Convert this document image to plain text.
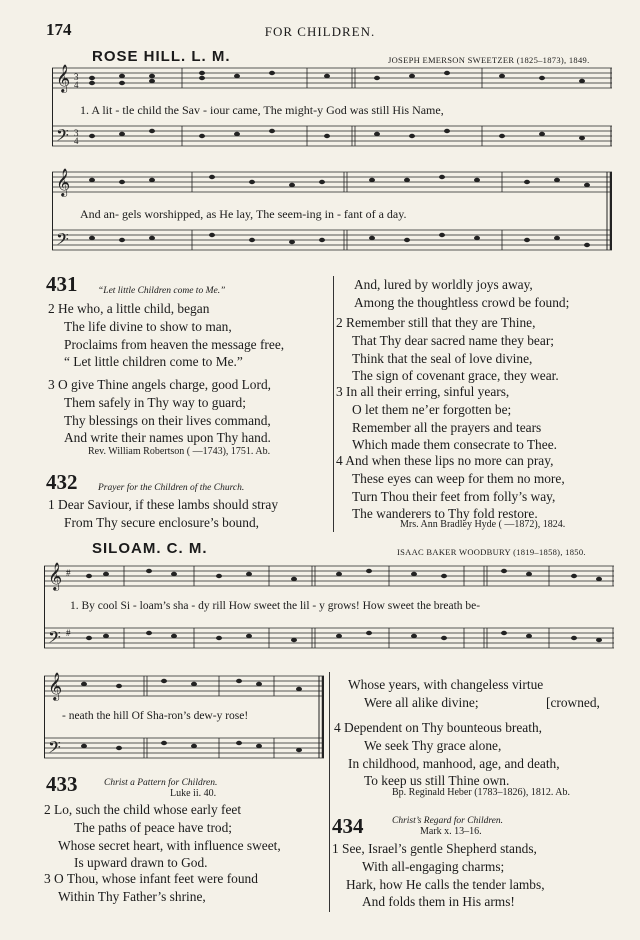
174	FOR CHILDREN.
ROSE HILL. L. M.	JOSEPH EMERSON SWEETZER (1825–1873), 1849.
𝄞
𝄢
3
4
3
4
1. A lit - tle child the Sav - iour came, The might-y God was still His Name,
𝄞
𝄢
And an- gels worshipped, as He lay, The seem-ing in - fant of a day.
431 “Let little Children come to Me.”
2 He who, a little child, began
The life divine to show to man,
Proclaims from heaven the message free,
“ Let little children come to Me.”
3 O give Thine angels charge, good Lord,
Them safely in Thy way to guard;
Thy blessings on their lives command,
And write their names upon Thy hand.
Rev. William Robertson ( —1743), 1751. Ab.
432 Prayer for the Children of the Church.
1 Dear Saviour, if these lambs should stray
From Thy secure enclosure’s bound,
And, lured by worldly joys away,
Among the thoughtless crowd be found;
2 Remember still that they are Thine,
That Thy dear sacred name they bear;
Think that the seal of love divine,
The sign of covenant grace, they wear.
3 In all their erring, sinful years,
O let them ne’er forgotten be;
Remember all the prayers and tears
Which made them consecrate to Thee.
4 And when these lips no more can pray,
These eyes can weep for them no more,
Turn Thou their feet from folly’s way,
The wanderers to Thy fold restore.
Mrs. Ann Bradley Hyde ( —1872), 1824.
SILOAM. C. M.	ISAAC BAKER WOODBURY (1819–1858), 1850.
𝄞
𝄢
#
#
1. By cool Si - loam’s sha - dy rill How sweet the lil - y grows! How sweet the breath be-
𝄞
𝄢
- neath the hill Of Sha-ron’s dew-y rose!
433	Christ a Pattern for Children.
Luke ii. 40.
2 Lo, such the child whose early feet
The paths of peace have trod;
Whose secret heart, with influence sweet,
Is upward drawn to God.
3 O Thou, whose infant feet were found
Within Thy Father’s shrine,
Whose years, with changeless virtue
Were all alike divine;	[crowned,
4 Dependent on Thy bounteous breath,
We seek Thy grace alone,
In childhood, manhood, age, and death,
To keep us still Thine own.
Bp. Reginald Heber (1783–1826), 1812. Ab.
434	Christ’s Regard for Children.
Mark x. 13–16.
1 See, Israel’s gentle Shepherd stands,
With all-engaging charms;
Hark, how He calls the tender lambs,
And folds them in His arms!
